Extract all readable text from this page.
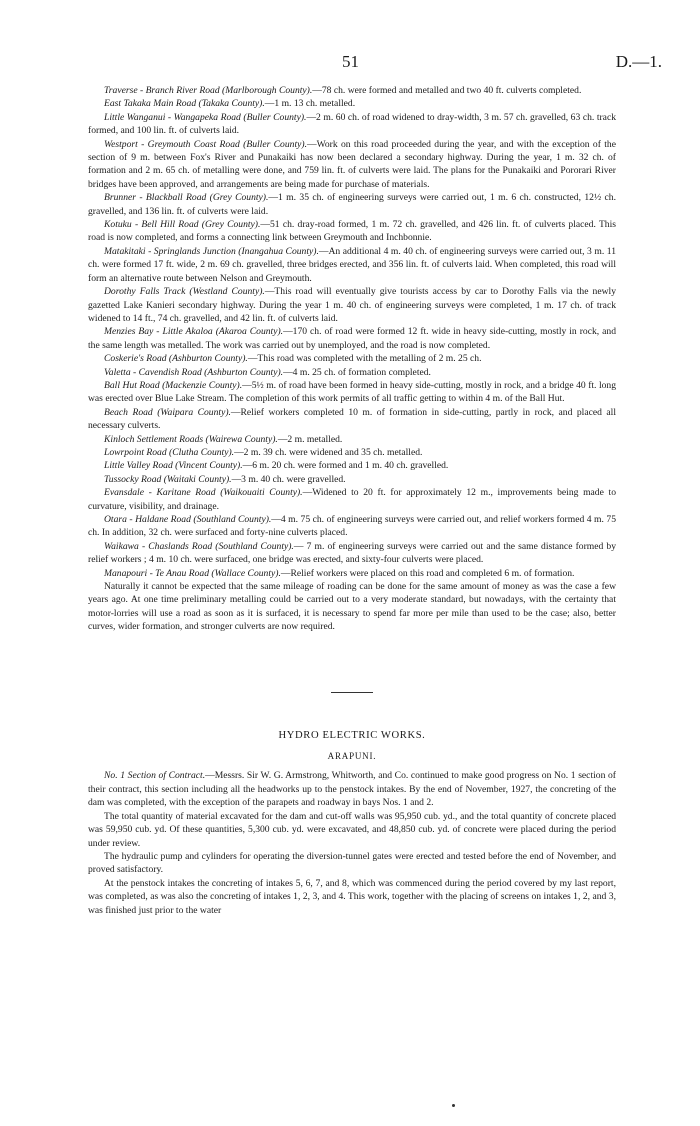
51	D.—1.

Traverse - Branch River Road (Marlborough County).—78 ch. were formed and metalled and two 40 ft. culverts completed.

East Takaka Main Road (Takaka County).—1 m. 13 ch. metalled.

Little Wanganui - Wangapeka Road (Buller County).—2 m. 60 ch. of road widened to dray-width, 3 m. 57 ch. gravelled, 63 ch. track formed, and 100 lin. ft. of culverts laid.

Westport - Greymouth Coast Road (Buller County).—Work on this road proceeded during the year, and with the exception of the section of 9 m. between Fox's River and Punakaiki has now been declared a secondary highway. During the year, 1 m. 32 ch. of formation and 2 m. 65 ch. of metalling were done, and 759 lin. ft. of culverts were laid. The plans for the Punakaiki and Pororari River bridges have been approved, and arrangements are being made for purchase of materials.

Brunner - Blackball Road (Grey County).—1 m. 35 ch. of engineering surveys were carried out, 1 m. 6 ch. constructed, 12½ ch. gravelled, and 136 lin. ft. of culverts were laid.

Kotuku - Bell Hill Road (Grey County).—51 ch. dray-road formed, 1 m. 72 ch. gravelled, and 426 lin. ft. of culverts placed. This road is now completed, and forms a connecting link between Greymouth and Inchbonnie.

Matakitaki - Springlands Junction (Inangahua County).—An additional 4 m. 40 ch. of engineering surveys were carried out, 3 m. 11 ch. were formed 17 ft. wide, 2 m. 69 ch. gravelled, three bridges erected, and 356 lin. ft. of culverts laid. When completed, this road will form an alternative route between Nelson and Greymouth.

Dorothy Falls Track (Westland County).—This road will eventually give tourists access by car to Dorothy Falls via the newly gazetted Lake Kanieri secondary highway. During the year 1 m. 40 ch. of engineering surveys were completed, 1 m. 17 ch. of track widened to 14 ft., 74 ch. gravelled, and 42 lin. ft. of culverts laid.

Menzies Bay - Little Akaloa (Akaroa County).—170 ch. of road were formed 12 ft. wide in heavy side-cutting, mostly in rock, and the same length was metalled. The work was carried out by unemployed, and the road is now completed.

Coskerie's Road (Ashburton County).—This road was completed with the metalling of 2 m. 25 ch.

Valetta - Cavendish Road (Ashburton County).—4 m. 25 ch. of formation completed.

Ball Hut Road (Mackenzie County).—5½ m. of road have been formed in heavy side-cutting, mostly in rock, and a bridge 40 ft. long was erected over Blue Lake Stream. The completion of this work permits of all traffic getting to within 4 m. of the Ball Hut.

Beach Road (Waipara County).—Relief workers completed 10 m. of formation in side-cutting, partly in rock, and placed all necessary culverts.

Kinloch Settlement Roads (Wairewa County).—2 m. metalled.

Lowrpoint Road (Clutha County).—2 m. 39 ch. were widened and 35 ch. metalled.

Little Valley Road (Vincent County).—6 m. 20 ch. were formed and 1 m. 40 ch. gravelled.

Tussocky Road (Waitaki County).—3 m. 40 ch. were gravelled.

Evansdale - Karitane Road (Waikouaiti County).—Widened to 20 ft. for approximately 12 m., improvements being made to curvature, visibility, and drainage.

Otara - Haldane Road (Southland County).—4 m. 75 ch. of engineering surveys were carried out, and relief workers formed 4 m. 75 ch. In addition, 32 ch. were surfaced and forty-nine culverts placed.

Waikawa - Chaslands Road (Southland County).— 7 m. of engineering surveys were carried out and the same distance formed by relief workers ; 4 m. 10 ch. were surfaced, one bridge was erected, and sixty-four culverts were placed.

Manapouri - Te Anau Road (Wallace County).—Relief workers were placed on this road and completed 6 m. of formation.

Naturally it cannot be expected that the same mileage of roading can be done for the same amount of money as was the case a few years ago. At one time preliminary metalling could be carried out to a very moderate standard, but nowadays, with the certainty that motor-lorries will use a road as soon as it is surfaced, it is necessary to spend far more per mile than used to be the case; also, better curves, wider formation, and stronger culverts are now required.

HYDRO ELECTRIC WORKS.

ARAPUNI.

No. 1 Section of Contract.—Messrs. Sir W. G. Armstrong, Whitworth, and Co. continued to make good progress on No. 1 section of their contract, this section including all the headworks up to the penstock intakes. By the end of November, 1927, the concreting of the dam was completed, with the exception of the parapets and roadway in bays Nos. 1 and 2.

The total quantity of material excavated for the dam and cut-off walls was 95,950 cub. yd., and the total quantity of concrete placed was 59,950 cub. yd. Of these quantities, 5,300 cub. yd. were excavated, and 48,850 cub. yd. of concrete were placed during the period under review.

The hydraulic pump and cylinders for operating the diversion-tunnel gates were erected and tested before the end of November, and proved satisfactory.

At the penstock intakes the concreting of intakes 5, 6, 7, and 8, which was commenced during the period covered by my last report, was completed, as was also the concreting of intakes 1, 2, 3, and 4. This work, together with the placing of screens on intakes 1, 2, and 3, was finished just prior to the water
